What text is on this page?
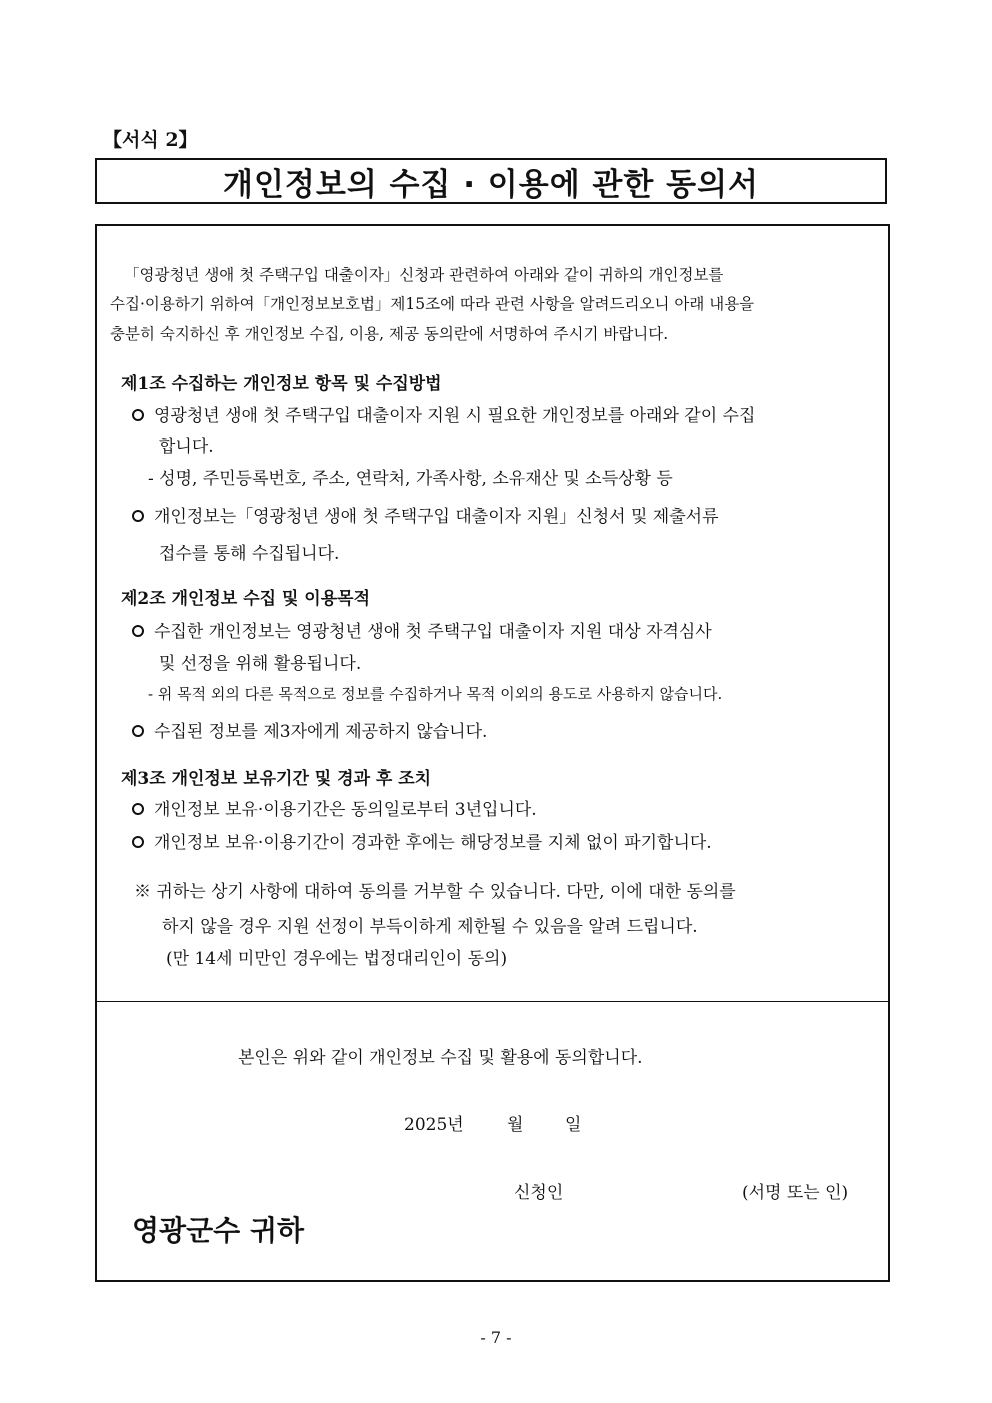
【서식 2】
개인정보의 수집 · 이용에 관한 동의서
「영광청년 생애 첫 주택구입 대출이자」신청과 관련하여 아래와 같이 귀하의 개인정보를
수집·이용하기 위하여「개인정보보호법」제15조에 따라 관련 사항을 알려드리오니 아래 내용을
충분히 숙지하신 후 개인정보 수집, 이용, 제공 동의란에 서명하여 주시기 바랍니다.
제1조 수집하는 개인정보 항목 및 수집방법
영광청년 생애 첫 주택구입 대출이자 지원 시 필요한 개인정보를 아래와 같이 수집
합니다.
- 성명, 주민등록번호, 주소, 연락처, 가족사항, 소유재산 및 소득상황 등
개인정보는「영광청년 생애 첫 주택구입 대출이자 지원」신청서 및 제출서류
접수를 통해 수집됩니다.
제2조 개인정보 수집 및 이용목적
수집한 개인정보는 영광청년 생애 첫 주택구입 대출이자 지원 대상 자격심사
및 선정을 위해 활용됩니다.
- 위 목적 외의 다른 목적으로 정보를 수집하거나 목적 이외의 용도로 사용하지 않습니다.
수집된 정보를 제3자에게 제공하지 않습니다.
제3조 개인정보 보유기간 및 경과 후 조치
개인정보 보유·이용기간은 동의일로부터 3년입니다.
개인정보 보유·이용기간이 경과한 후에는 해당정보를 지체 없이 파기합니다.
※ 귀하는 상기 사항에 대하여 동의를 거부할 수 있습니다. 다만, 이에 대한 동의를
하지 않을 경우 지원 선정이 부득이하게 제한될 수 있음을 알려 드립니다.
(만 14세 미만인 경우에는 법정대리인이 동의)
본인은 위와 같이 개인정보 수집 및 활용에 동의합니다.
2025년	월 일
신청인	(서명 또는 인)
영광군수 귀하
- 7 -
